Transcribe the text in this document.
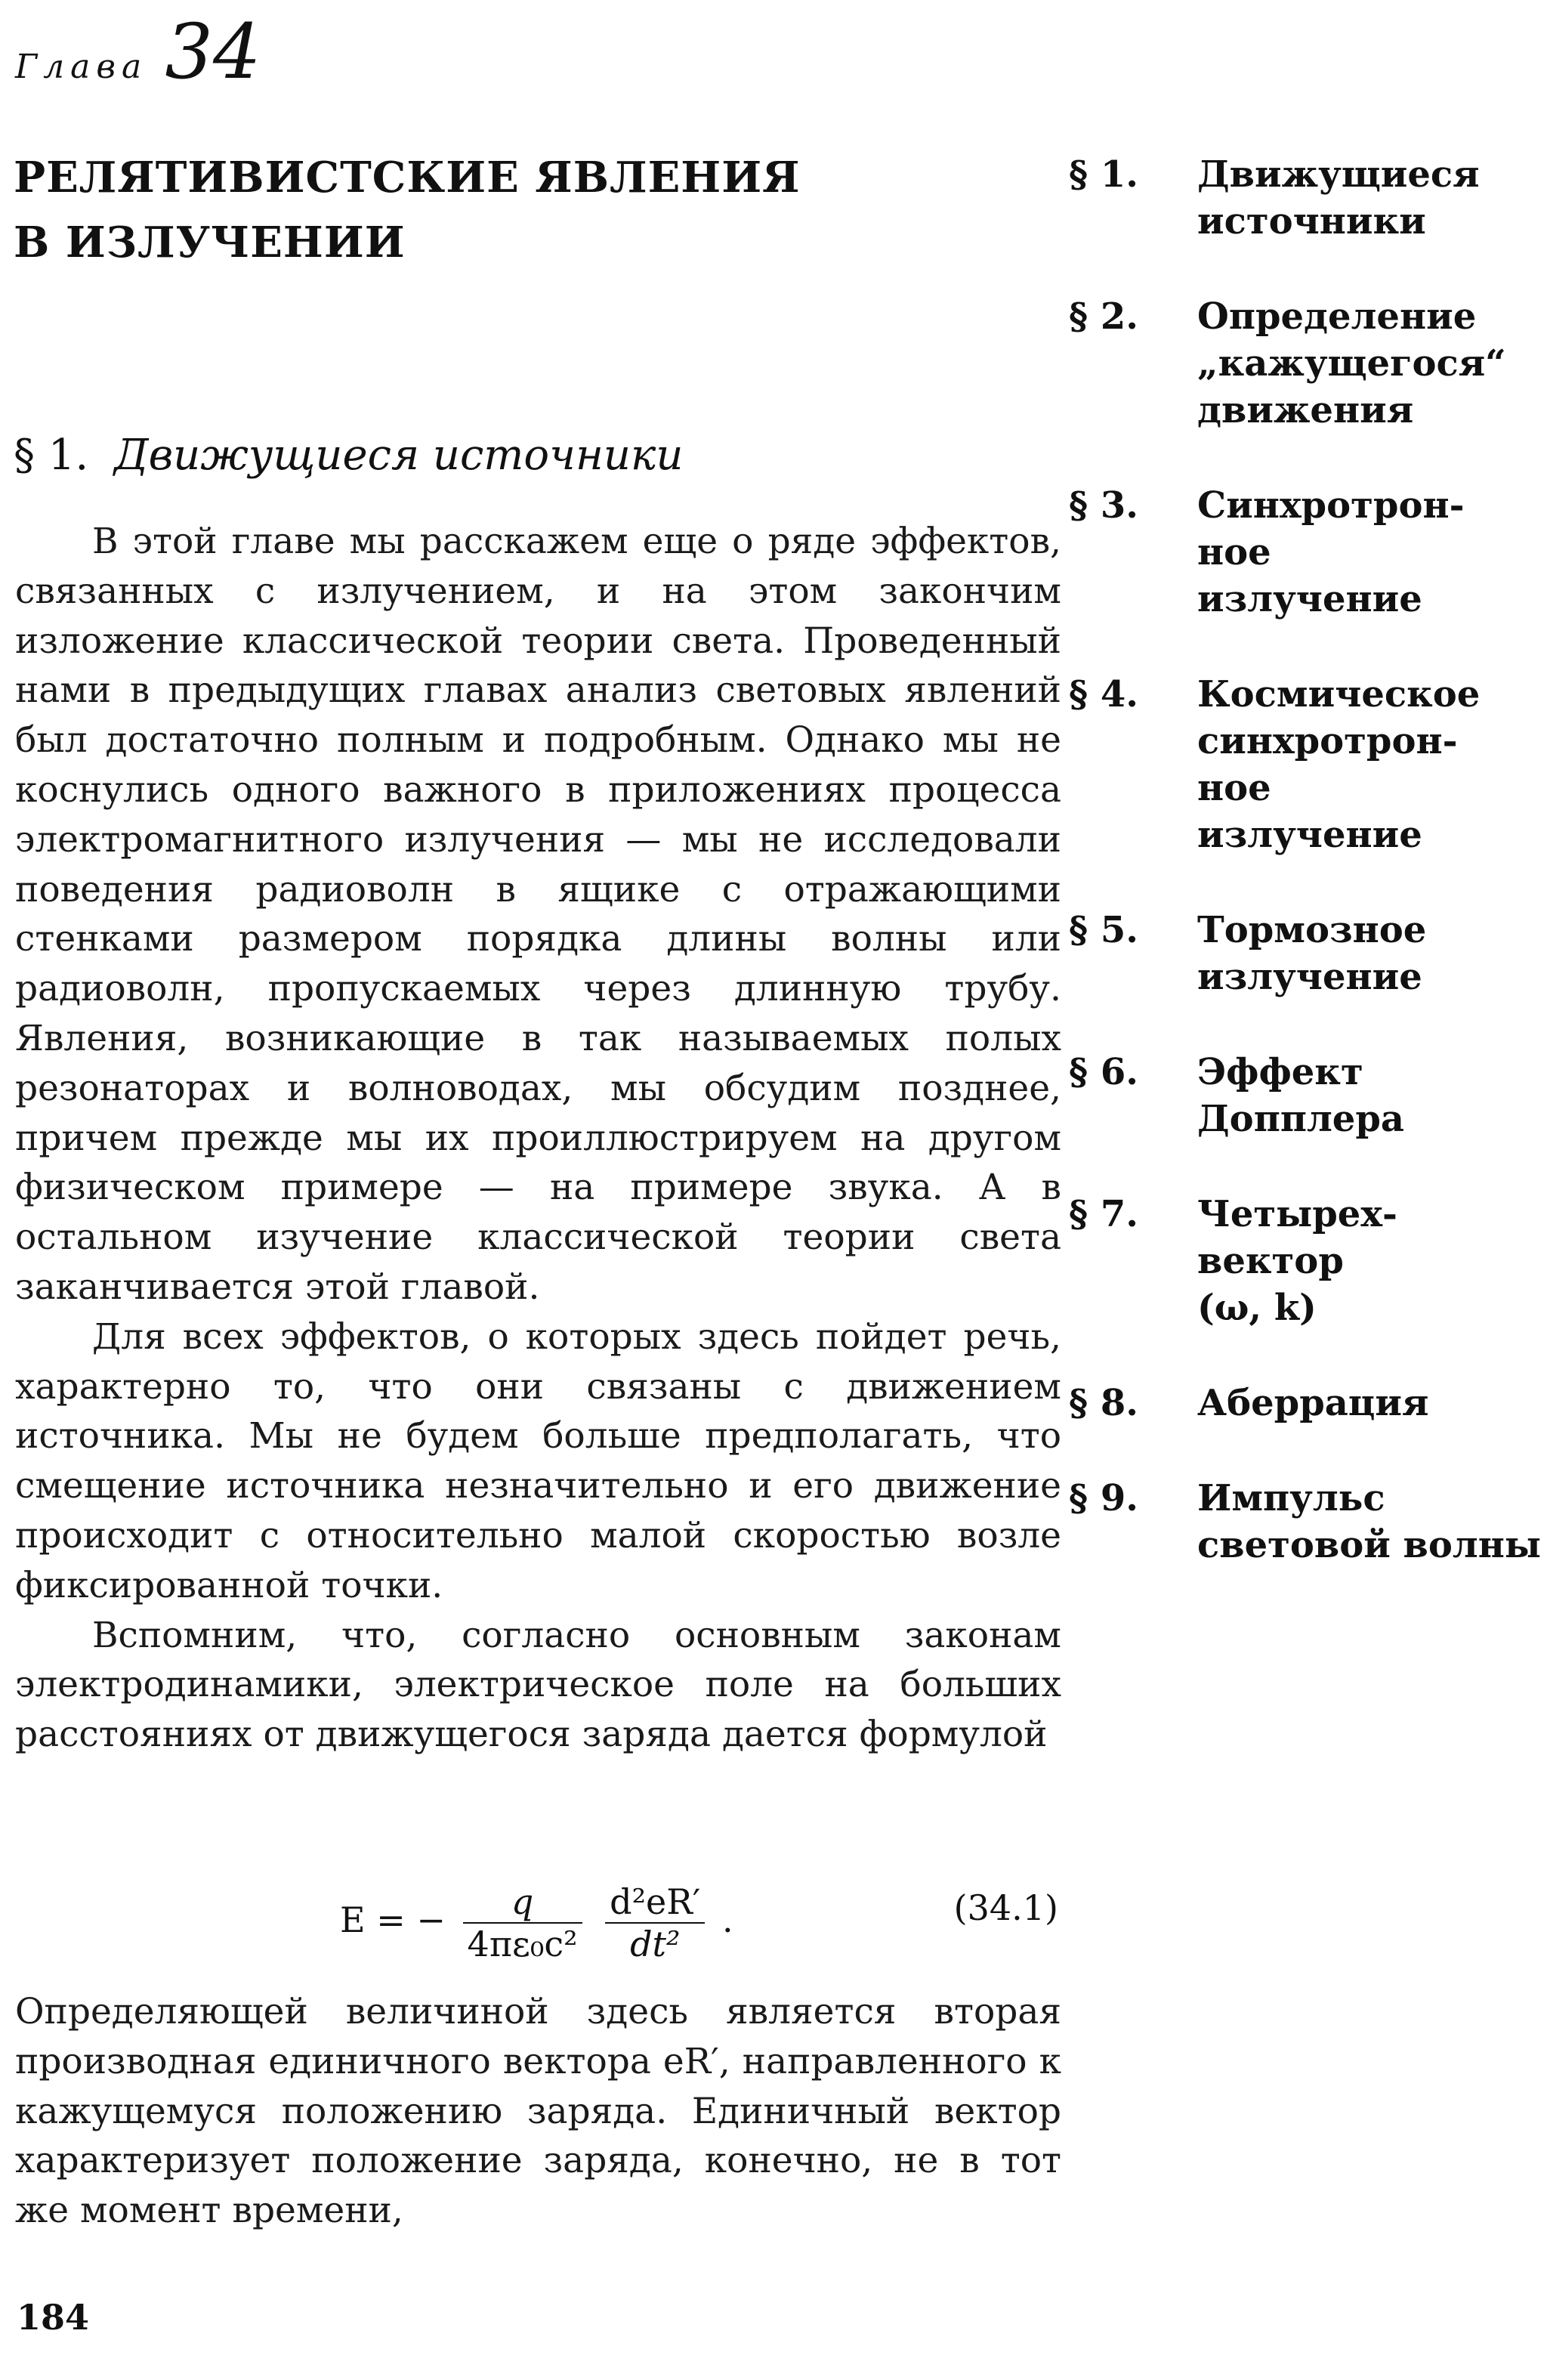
Глава 34
РЕЛЯТИВИСТСКИЕ ЯВЛЕНИЯ
В ИЗЛУЧЕНИИ
§ 1. Движущиеся источники

В этой главе мы расскажем еще о ряде эффектов, связанных с излучением, и на этом закончим изложение классической теории света. Проведенный нами в предыдущих главах анализ световых явлений был достаточно полным и подробным. Однако мы не коснулись одного важного в приложениях процесса электромагнитного излучения — мы не исследовали поведения радиоволн в ящике с отражающими стенками размером порядка длины волны или радиоволн, пропускаемых через длинную трубу. Явления, возникающие в так называемых полых резонаторах и волноводах, мы обсудим позднее, причем прежде мы их проиллюстрируем на другом физическом примере — на примере звука. А в остальном изучение классической теории света заканчивается этой главой.

Для всех эффектов, о которых здесь пойдет речь, характерно то, что они связаны с движением источника. Мы не будем больше предполагать, что смещение источника незначительно и его движение происходит с относительно малой скоростью возле фиксированной точки.

Вспомним, что, согласно основным законам электродинамики, электрическое поле на больших расстояниях от движущегося заряда дается формулой

E = − $\frac{q}{\text{4πε₀c²}}$
$\frac{\text{d²eR′}}{\text{dt²}}$ .	(34.1)

Определяющей величиной здесь является вторая производная единичного вектора eR′, направленного к кажущемуся положению заряда. Единичный вектор характеризует положение заряда, конечно, не в тот же момент времени,

§ 1. Движущиеся
источники
§ 2. Определение
„кажущегося“
движения
§ 3. Синхротрон-
ное
излучение
§ 4. Космическое
синхротрон-
ное
излучение
§ 5. Тормозное
излучение
§ 6. Эффект
Допплера
§ 7. Четырех-
вектор
(ω, k)
§ 8. Аберрация
§ 9. Импульс
световой волны
184
